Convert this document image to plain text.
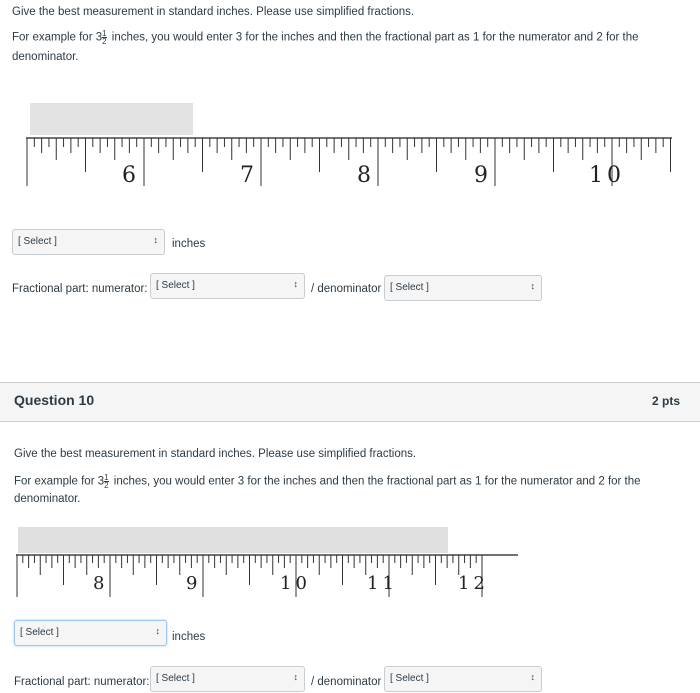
Give the best measurement in standard inches. Please use simplified fractions.
For example for $3 \frac{1}{2}$ inches, you would enter 3 for the inches and then the fractional part as 1 for the numerator and 2 for the
denominator.
6	7	8	9	10
[ Select ]	↕ inches
Fractional part: numerator: [ Select ]	↕ / denominator [ Select ]	↕
Question 10	2 pts
Give the best measurement in standard inches. Please use simplified fractions.
For example for $3 \frac{1}{2}$ inches, you would enter 3 for the inches and then the fractional part as 1 for the numerator and 2 for the
denominator.
8	9	10	11	12
[ Select ]	↕ inches
Fractional part: numerator: [ Select ]	↕ / denominator [ Select ]	↕
